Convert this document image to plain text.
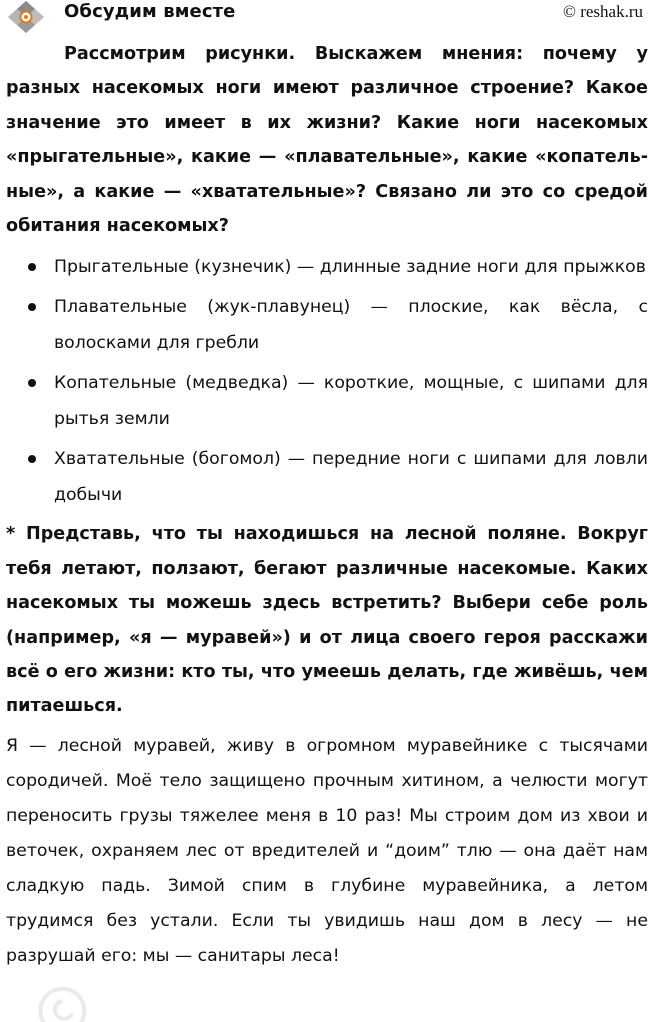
Обсудим вместе	© reshak.ru

Рассмотрим рисунки. Выскажем мнения: почему у разных насекомых ноги имеют различное строение? Какое значение это имеет в их жизни? Какие ноги насекомых «прыгательные», какие — «плавательные», какие «копатель-ные», а какие — «хватательные»? Связано ли это со средой обитания насекомых?

Прыгательные (кузнечик) — длинные задние ноги для прыжков
Плавательные (жук-плавунец) — плоские, как вёсла, с волосками для гребли
Копательные (медведка) — короткие, мощные, с шипами для рытья земли
Хватательные (богомол) — передние ноги с шипами для ловли добычи

* Представь, что ты находишься на лесной поляне. Вокруг тебя летают, ползают, бегают различные насекомые. Каких насекомых ты можешь здесь встретить? Выбери себе роль (например, «я — муравей») и от лица своего героя расскажи всё о его жизни: кто ты, что умеешь делать, где живёшь, чем питаешься.

Я — лесной муравей, живу в огромном муравейнике с тысячами сородичей. Моё тело защищено прочным хитином, а челюсти могут переносить грузы тяжелее меня в 10 раз! Мы строим дом из хвои и веточек, охраняем лес от вредителей и “доим” тлю — она даёт нам сладкую падь. Зимой спим в глубине муравейника, а летом трудимся без устали. Если ты увидишь наш дом в лесу — не разрушай его: мы — санитары леса!
